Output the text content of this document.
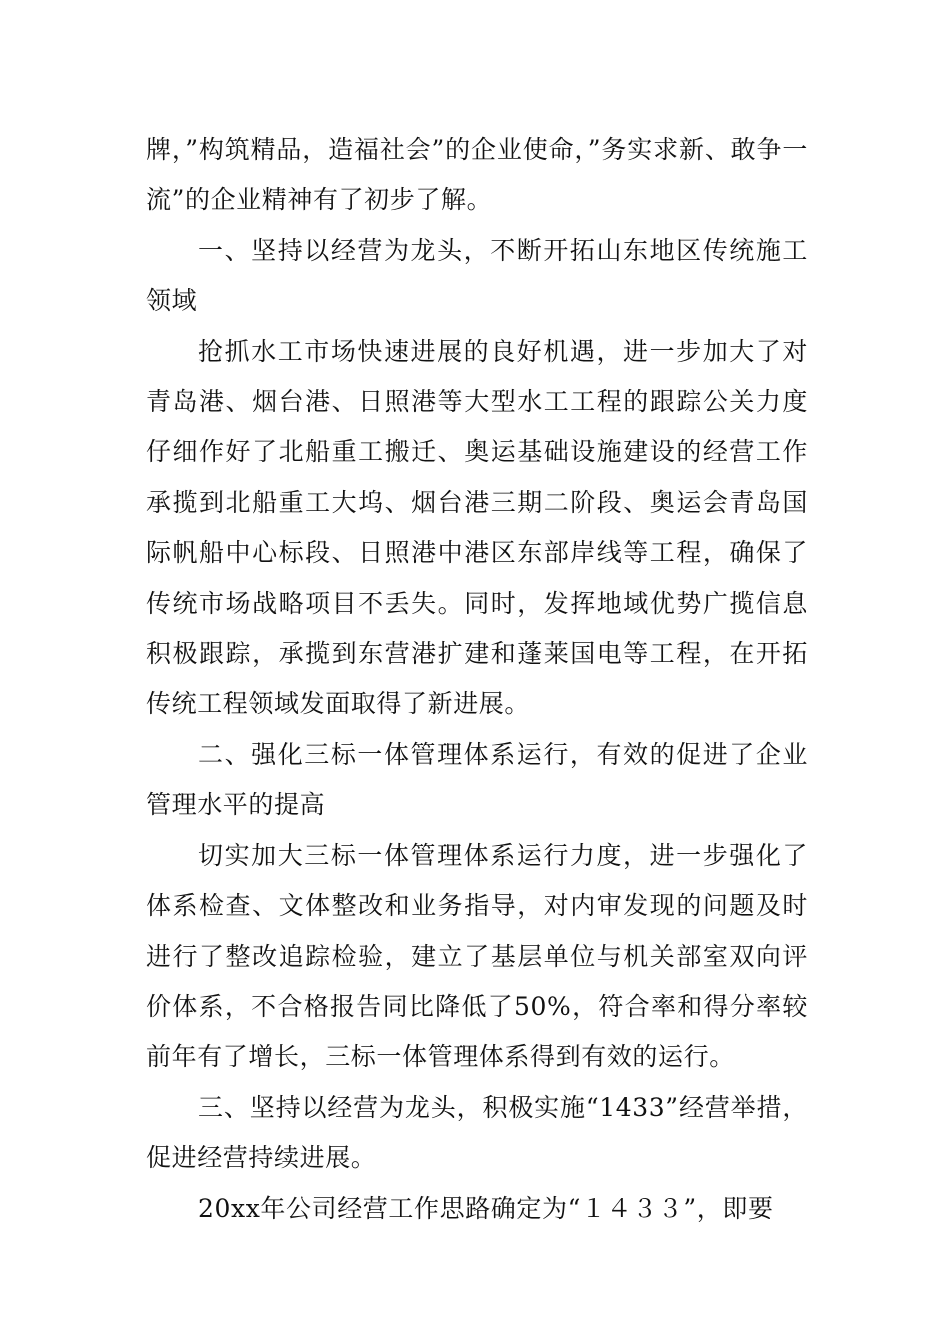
牌，”构筑精品，造福社会”的企业使命，”务实求新、敢争一流”的企业精神有了初步了解。

一、坚持以经营为龙头，不断开拓山东地区传统施工领域

抢抓水工市场快速进展的良好机遇，进一步加大了对青岛港、烟台港、日照港等大型水工工程的跟踪公关力度仔细作好了北船重工搬迁、奥运基础设施建设的经营工作承揽到北船重工大坞、烟台港三期二阶段、奥运会青岛国际帆船中心标段、日照港中港区东部岸线等工程，确保了传统市场战略项目不丢失。同时，发挥地域优势广揽信息积极跟踪，承揽到东营港扩建和蓬莱国电等工程，在开拓传统工程领域发面取得了新进展。

二、强化三标一体管理体系运行，有效的促进了企业管理水平的提高

切实加大三标一体管理体系运行力度，进一步强化了体系检查、文体整改和业务指导，对内审发现的问题及时进行了整改追踪检验，建立了基层单位与机关部室双向评价体系，不合格报告同比降低了50%，符合率和得分率较前年有了增长，三标一体管理体系得到有效的运行。

三、坚持以经营为龙头，积极实施“1433”经营举措，促进经营持续进展。

20xx年公司经营工作思路确定为“１４３３”，即要
